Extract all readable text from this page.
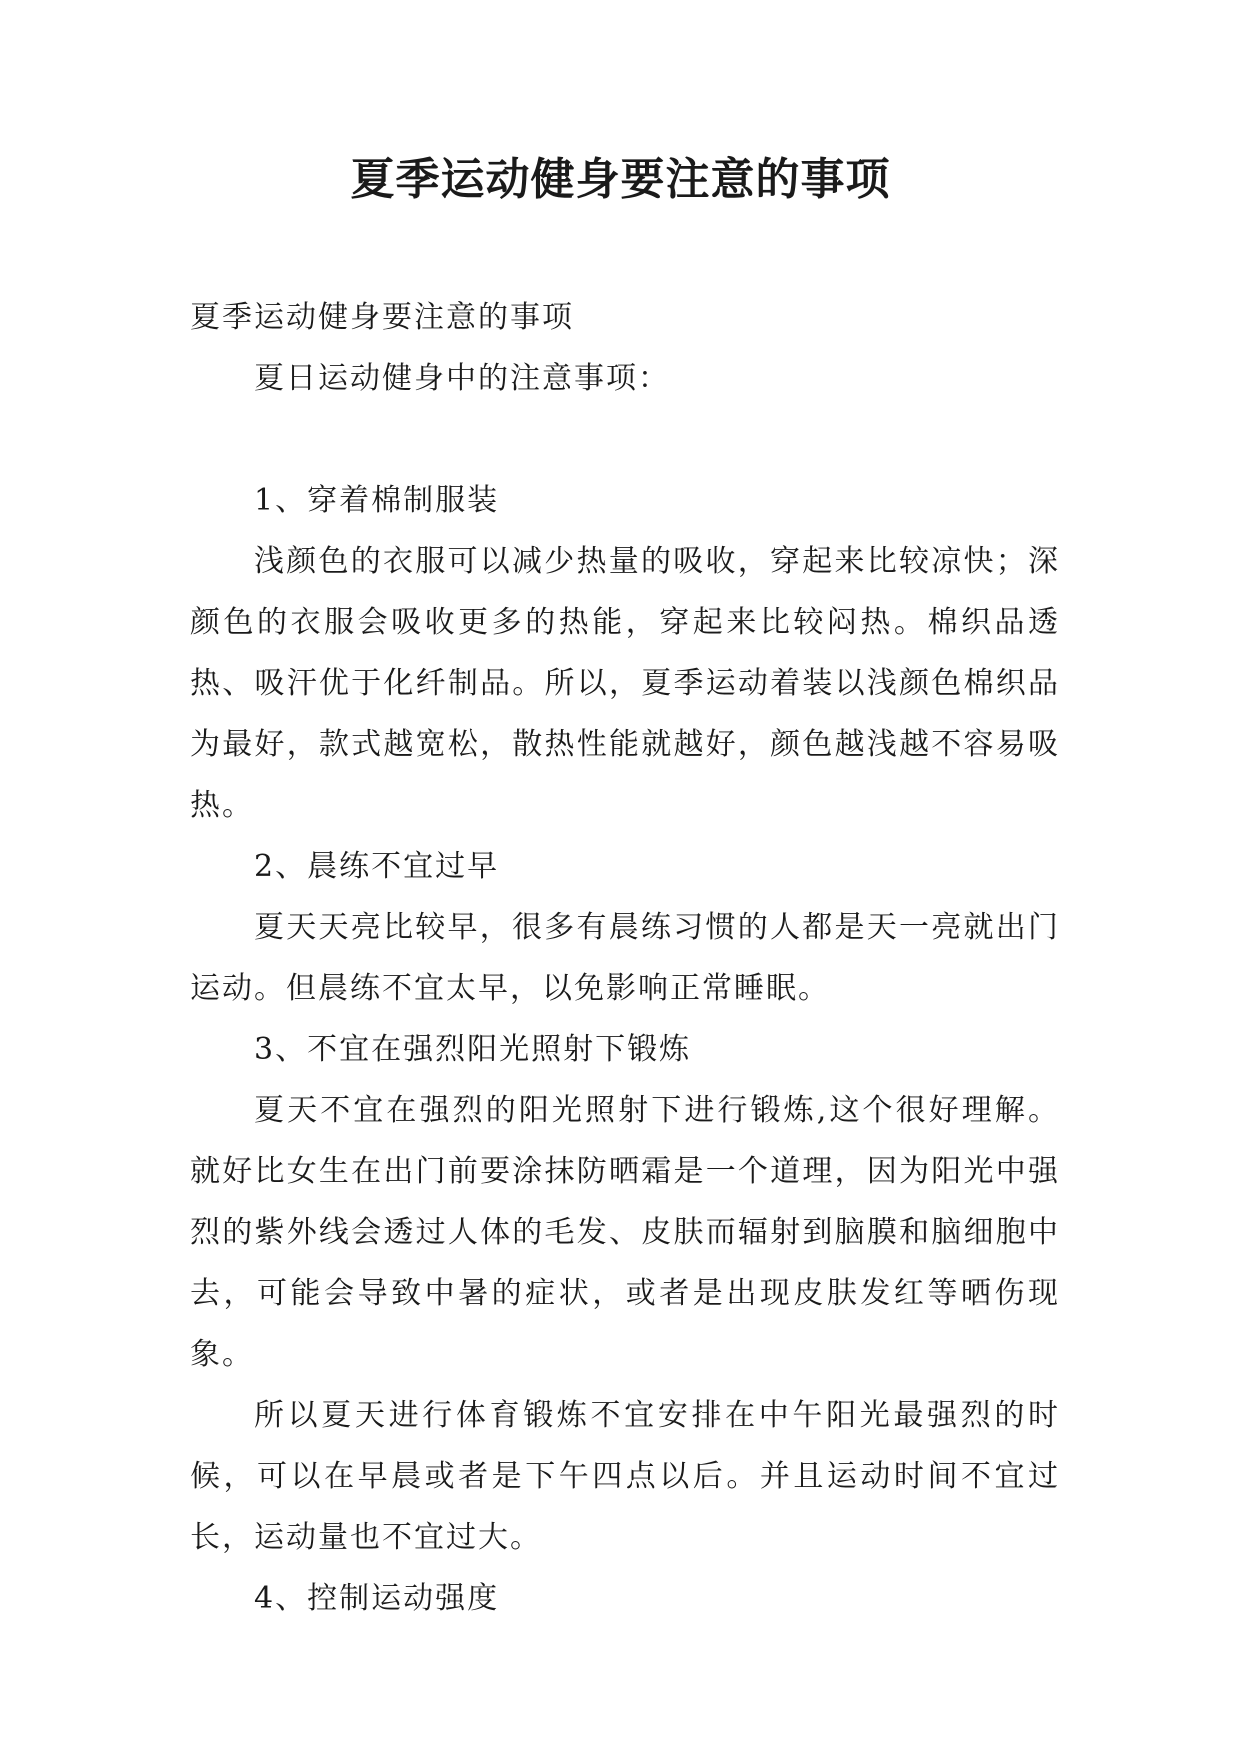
夏季运动健身要注意的事项

夏季运动健身要注意的事项

夏日运动健身中的注意事项：

1、穿着棉制服装

浅颜色的衣服可以减少热量的吸收，穿起来比较凉快；深颜色的衣服会吸收更多的热能，穿起来比较闷热。棉织品透热、吸汗优于化纤制品。所以，夏季运动着装以浅颜色棉织品为最好，款式越宽松，散热性能就越好，颜色越浅越不容易吸热。

2、晨练不宜过早

夏天天亮比较早，很多有晨练习惯的人都是天一亮就出门运动。但晨练不宜太早，以免影响正常睡眠。

3、不宜在强烈阳光照射下锻炼

夏天不宜在强烈的阳光照射下进行锻炼,这个很好理解。就好比女生在出门前要涂抹防晒霜是一个道理，因为阳光中强烈的紫外线会透过人体的毛发、皮肤而辐射到脑膜和脑细胞中去，可能会导致中暑的症状，或者是出现皮肤发红等晒伤现象。

所以夏天进行体育锻炼不宜安排在中午阳光最强烈的时候，可以在早晨或者是下午四点以后。并且运动时间不宜过长，运动量也不宜过大。

4、控制运动强度
